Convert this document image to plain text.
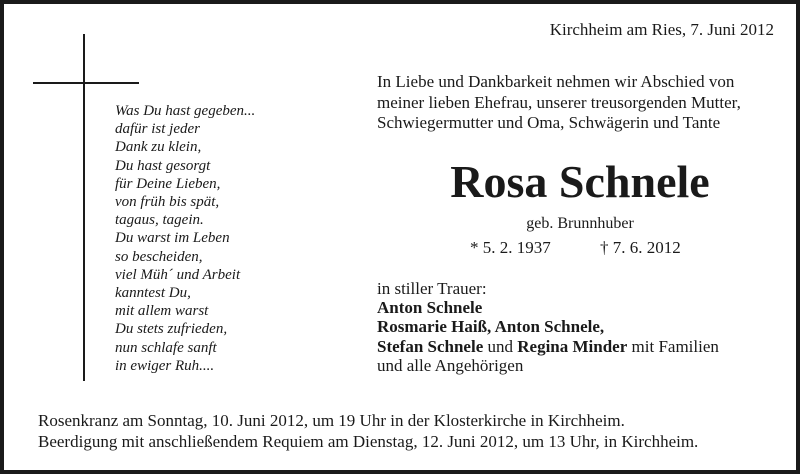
Kirchheim am Ries, 7. Juni 2012
Was Du hast gegeben...
dafür ist jeder
Dank zu klein,
Du hast gesorgt
für Deine Lieben,
von früh bis spät,
tagaus, tagein.
Du warst im Leben
so bescheiden,
viel Müh´ und Arbeit
kanntest Du,
mit allem warst
Du stets zufrieden,
nun schlafe sanft
in ewiger Ruh....
In Liebe und Dankbarkeit nehmen wir Abschied von
meiner lieben Ehefrau, unserer treusorgenden Mutter,
Schwiegermutter und Oma, Schwägerin und Tante
Rosa Schnele
geb. Brunnhuber
* 5. 2. 1937	† 7. 6. 2012
in stiller Trauer:
Anton Schnele
Rosmarie Haiß, Anton Schnele,
Stefan Schnele und Regina Minder mit Familien
und alle Angehörigen
Rosenkranz am Sonntag, 10. Juni 2012, um 19 Uhr in der Klosterkirche in Kirchheim.
Beerdigung mit anschließendem Requiem am Dienstag, 12. Juni 2012, um 13 Uhr, in Kirchheim.
